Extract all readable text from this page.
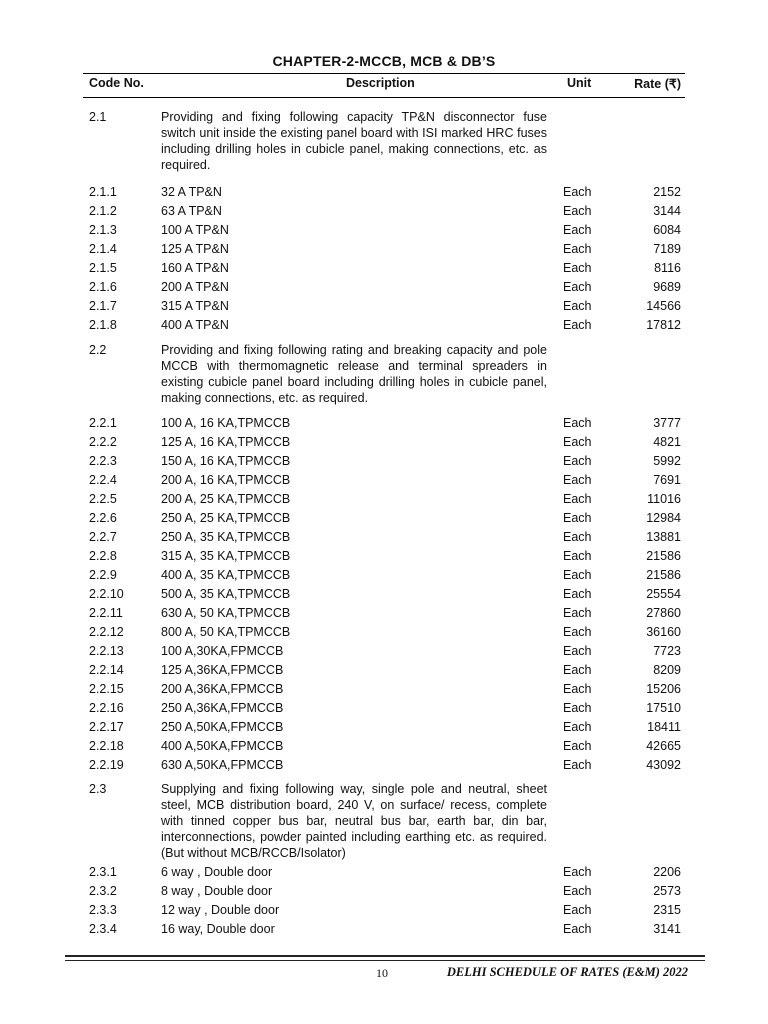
CHAPTER-2-MCCB, MCB & DB’S
Code No.	Description	Unit	Rate (₹)
2.1	Providing and fixing following capacity TP&N disconnector fuse switch unit inside the existing panel board with ISI marked HRC fuses including drilling holes in cubicle panel, making connections, etc. as required.
2.1.1	32 A TP&N	Each	2152
2.1.2	63 A TP&N	Each	3144
2.1.3	100 A TP&N	Each	6084
2.1.4	125 A TP&N	Each	7189
2.1.5	160 A TP&N	Each	8116
2.1.6	200 A TP&N	Each	9689
2.1.7	315 A TP&N	Each	14566
2.1.8	400 A TP&N	Each	17812
2.2	Providing and fixing following rating and breaking capacity and pole MCCB with thermomagnetic release and terminal spreaders in existing cubicle panel board including drilling holes in cubicle panel, making connections, etc. as required.
2.2.1	100 A, 16 KA,TPMCCB	Each	3777
2.2.2	125 A, 16 KA,TPMCCB	Each	4821
2.2.3	150 A, 16 KA,TPMCCB	Each	5992
2.2.4	200 A, 16 KA,TPMCCB	Each	7691
2.2.5	200 A, 25 KA,TPMCCB	Each	11016
2.2.6	250 A, 25 KA,TPMCCB	Each	12984
2.2.7	250 A, 35 KA,TPMCCB	Each	13881
2.2.8	315 A, 35 KA,TPMCCB	Each	21586
2.2.9	400 A, 35 KA,TPMCCB	Each	21586
2.2.10	500 A, 35 KA,TPMCCB	Each	25554
2.2.11	630 A, 50 KA,TPMCCB	Each	27860
2.2.12	800 A, 50 KA,TPMCCB	Each	36160
2.2.13	100 A,30KA,FPMCCB	Each	7723
2.2.14	125 A,36KA,FPMCCB	Each	8209
2.2.15	200 A,36KA,FPMCCB	Each	15206
2.2.16	250 A,36KA,FPMCCB	Each	17510
2.2.17	250 A,50KA,FPMCCB	Each	18411
2.2.18	400 A,50KA,FPMCCB	Each	42665
2.2.19	630 A,50KA,FPMCCB	Each	43092
2.3	Supplying and fixing following way, single pole and neutral, sheet steel, MCB distribution board, 240 V, on surface/ recess, complete with tinned copper bus bar, neutral bus bar, earth bar, din bar, interconnections, powder painted including earthing etc. as required. (But without MCB/RCCB/Isolator)
2.3.1	6 way , Double door	Each	2206
2.3.2	8 way , Double door	Each	2573
2.3.3	12 way , Double door	Each	2315
2.3.4	16 way, Double door	Each	3141
10	DELHI SCHEDULE OF RATES (E&M) 2022
